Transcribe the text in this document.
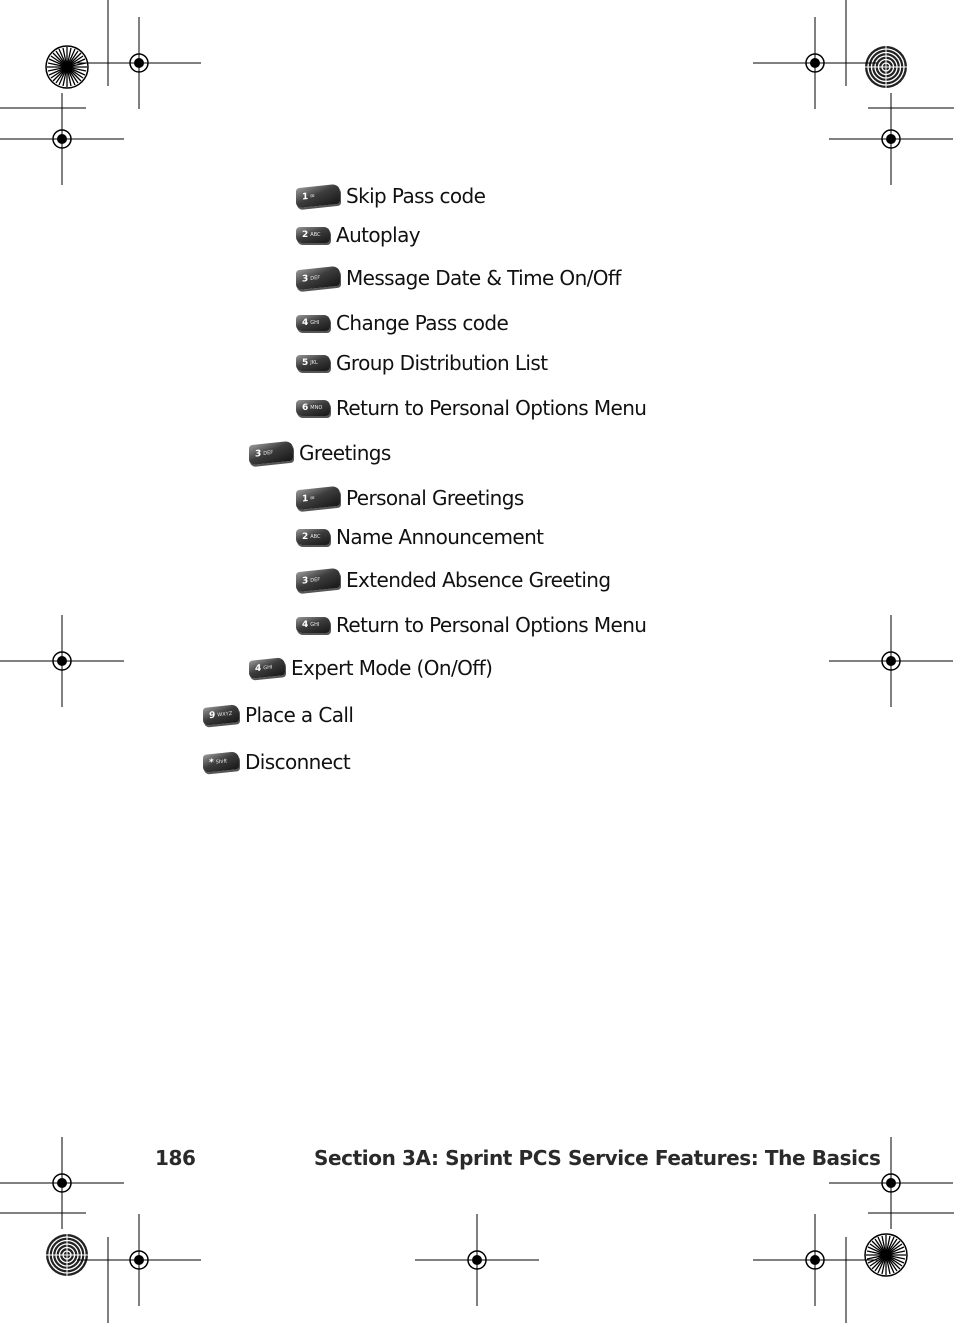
1 ✉ Skip Pass code
2 ABC Autoplay
3 DEF Message Date & Time On/Off
4 GHI Change Pass code
5 JKL Group Distribution List
6 MNO Return to Personal Options Menu
3 DEF Greetings
1 ✉ Personal Greetings
2 ABC Name Announcement
3 DEF Extended Absence Greeting
4 GHI Return to Personal Options Menu
4 GHI Expert Mode (On/Off)
9 WXYZ Place a Call
* Shift Disconnect
186	Section 3A: Sprint PCS Service Features: The Basics
